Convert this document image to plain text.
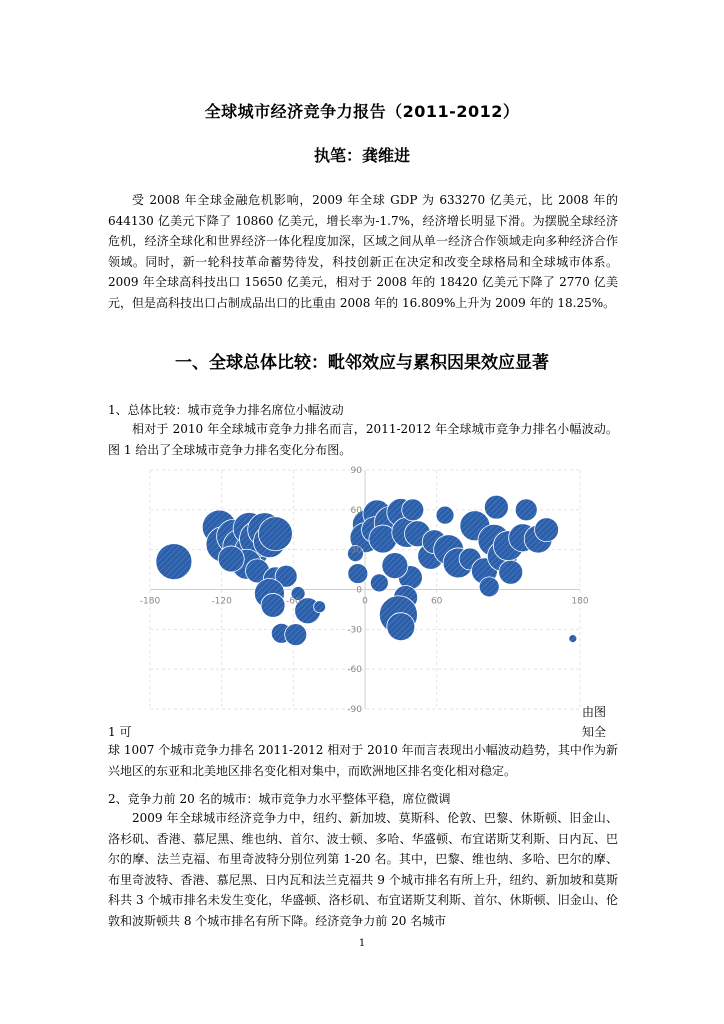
全球城市经济竞争力报告（2011-2012）
执笔：龚维进
受 2008 年全球金融危机影响，2009 年全球 GDP 为 633270 亿美元，比 2008 年的 644130 亿美元下降了 10860 亿美元，增长率为-1.7%，经济增长明显下滑。为摆脱全球经济危机，经济全球化和世界经济一体化程度加深，区域之间从单一经济合作领域走向多种经济合作领域。同时，新一轮科技革命蓄势待发，科技创新正在决定和改变全球格局和全球城市体系。2009 年全球高科技出口 15650 亿美元，相对于 2008 年的 18420 亿美元下降了 2770 亿美元，但是高科技出口占制成品出口的比重由 2008 年的 16.809%上升为 2009 年的 18.25%。
一、全球总体比较：毗邻效应与累积因果效应显著
1、总体比较：城市竞争力排名席位小幅波动
相对于 2010 年全球城市竞争力排名而言，2011-2012 年全球城市竞争力排名小幅波动。图 1 给出了全球城市竞争力排名变化分布图。
90
60
30
0
-30
-60
-90
-180	-120	-60	0	60	180
由图
1 可	知全
球 1007 个城市竞争力排名 2011-2012 相对于 2010 年而言表现出小幅波动趋势，其中作为新兴地区的东亚和北美地区排名变化相对集中，而欧洲地区排名变化相对稳定。
2、竞争力前 20 名的城市：城市竞争力水平整体平稳，席位微调
2009 年全球城市经济竞争力中，纽约、新加坡、莫斯科、伦敦、巴黎、休斯顿、旧金山、洛杉矶、香港、慕尼黑、维也纳、首尔、波士顿、多哈、华盛顿、布宜诺斯艾利斯、日内瓦、巴尔的摩、法兰克福、布里奇波特分别位列第 1-20 名。其中，巴黎、维也纳、多哈、巴尔的摩、布里奇波特、香港、慕尼黑、日内瓦和法兰克福共 9 个城市排名有所上升，纽约、新加坡和莫斯科共 3 个城市排名未发生变化，华盛顿、洛杉矶、布宜诺斯艾利斯、首尔、休斯顿、旧金山、伦敦和波斯顿共 8 个城市排名有所下降。经济竞争力前 20 名城市
1
